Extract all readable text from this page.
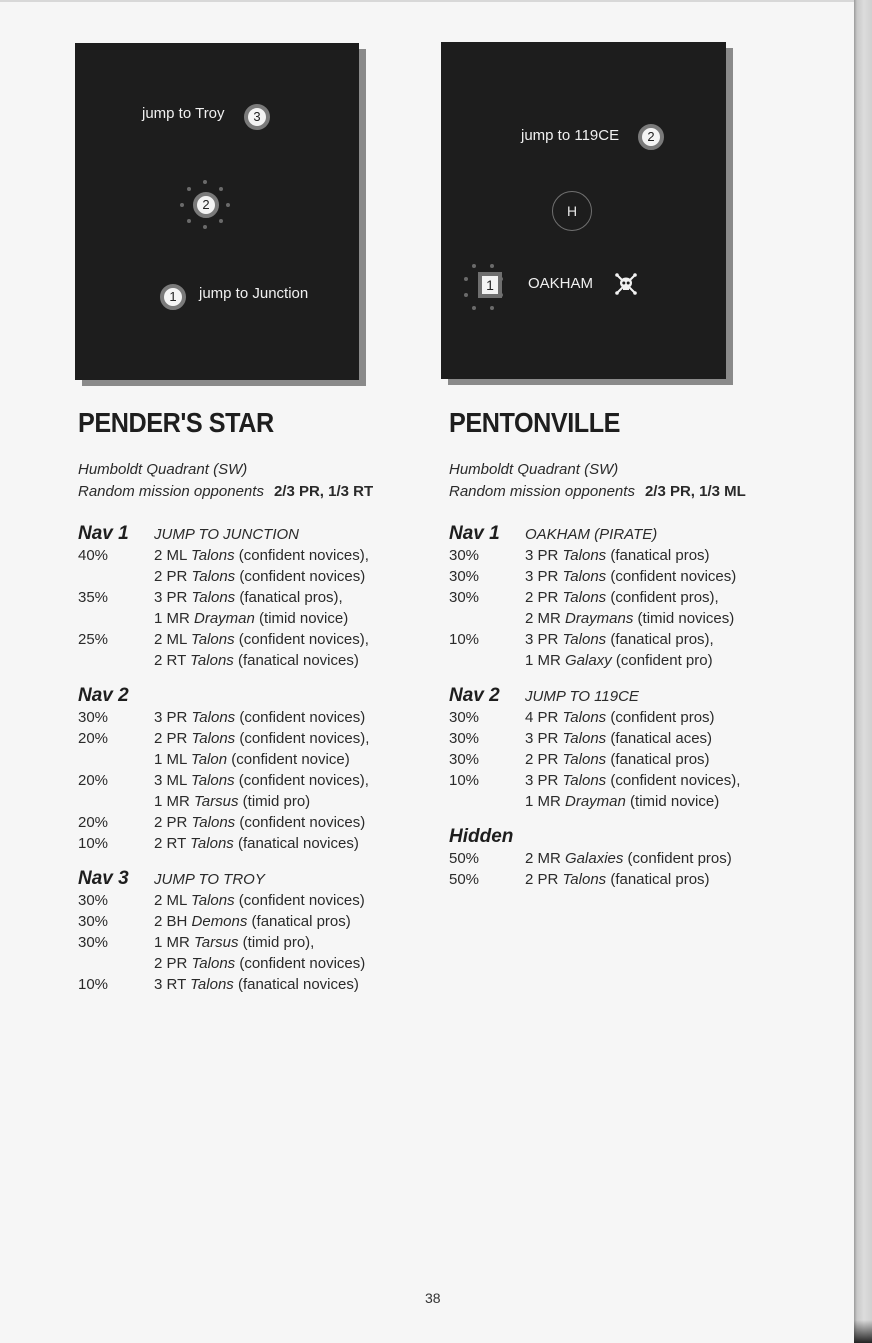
jump to Troy	3
2
1	jump to Junction
jump to 119CE	2
H
1	OAKHAM
PENDER'S STAR
Humboldt Quadrant (SW)
Random mission opponents 2/3 PR, 1/3 RT
Nav 1	JUMP TO JUNCTION
40%	2 ML Talons (confident novices),
2 PR Talons (confident novices)
35%	3 PR Talons (fanatical pros),
1 MR Drayman (timid novice)
25%	2 ML Talons (confident novices),
2 RT Talons (fanatical novices)
Nav 2
30%	3 PR Talons (confident novices)
20%	2 PR Talons (confident novices),
1 ML Talon (confident novice)
20%	3 ML Talons (confident novices),
1 MR Tarsus (timid pro)
20%	2 PR Talons (confident novices)
10%	2 RT Talons (fanatical novices)
Nav 3	JUMP TO TROY
30%	2 ML Talons (confident novices)
30%	2 BH Demons (fanatical pros)
30%	1 MR Tarsus (timid pro),
2 PR Talons (confident novices)
10%	3 RT Talons (fanatical novices)
PENTONVILLE
Humboldt Quadrant (SW)
Random mission opponents 2/3 PR, 1/3 ML
Nav 1	OAKHAM (PIRATE)
30%	3 PR Talons (fanatical pros)
30%	3 PR Talons (confident novices)
30%	2 PR Talons (confident pros),
2 MR Draymans (timid novices)
10%	3 PR Talons (fanatical pros),
1 MR Galaxy (confident pro)
Nav 2	JUMP TO 119CE
30%	4 PR Talons (confident pros)
30%	3 PR Talons (fanatical aces)
30%	2 PR Talons (fanatical pros)
10%	3 PR Talons (confident novices),
1 MR Drayman (timid novice)
Hidden
50%	2 MR Galaxies (confident pros)
50%	2 PR Talons (fanatical pros)
38
